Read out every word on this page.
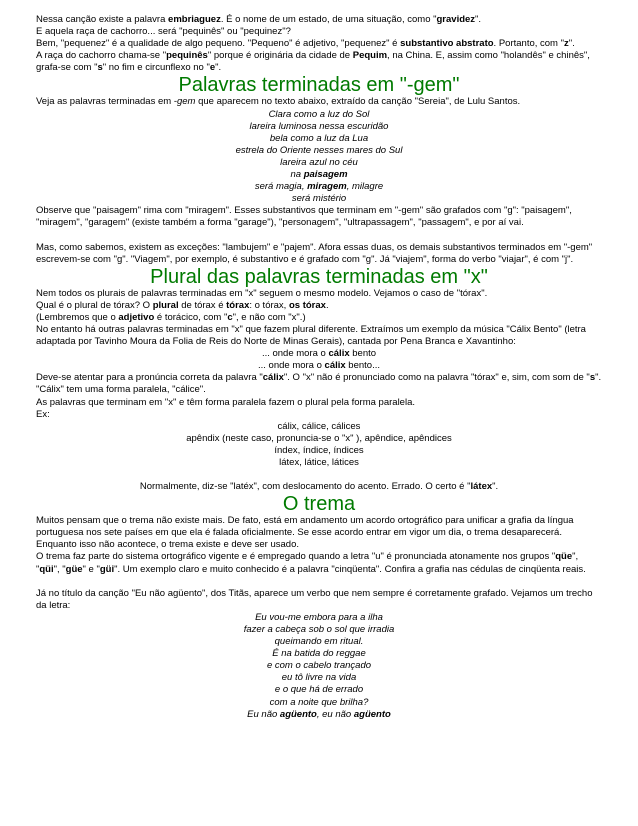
Nessa canção existe a palavra embriaguez. É o nome de um estado, de uma situação, como "gravidez".

E aquela raça de cachorro... será "pequinês" ou "pequinez"?

Bem, "pequenez" é a qualidade de algo pequeno. "Pequeno" é adjetivo, "pequenez" é substantivo abstrato. Portanto, com "z".

A raça do cachorro chama-se "pequinês" porque é originária da cidade de Pequim, na China. E, assim como "holandês" e chinês", grafa-se com "s" no fim e circunflexo no "e".

Palavras terminadas em "-gem"

Veja as palavras terminadas em -gem que aparecem no texto abaixo, extraído da canção "Sereia", de Lulu Santos.

Clara como a luz do Sol

lareira luminosa nessa escuridão

bela como a luz da Lua

estrela do Oriente nesses mares do Sul

lareira azul no céu

na paisagem

será magia, miragem, milagre

será mistério

Observe que "paisagem" rima com "miragem". Esses substantivos que terminam em "-gem" são grafados com "g": "paisagem", "miragem", "garagem" (existe também a forma "garage"), "personagem", "ultrapassagem", "passagem", e por aí vai.

Mas, como sabemos, existem as exceções: "lambujem" e "pajem". Afora essas duas, os demais substantivos terminados em "-gem" escrevem-se com "g". "Viagem", por exemplo, é substantivo e é grafado com "g". Já "viajem", forma do verbo "viajar", é com "j".

Plural das palavras terminadas em "x"

Nem todos os plurais de palavras terminadas em "x" seguem o mesmo modelo. Vejamos o caso de "tórax".

Qual é o plural de tórax? O plural de tórax é tórax: o tórax, os tórax.

(Lembremos que o adjetivo é torácico, com "c", e não com "x".)

No entanto há outras palavras terminadas em "x" que fazem plural diferente. Extraímos um exemplo da música "Cálix Bento" (letra adaptada por Tavinho Moura da Folia de Reis do Norte de Minas Gerais), cantada por Pena Branca e Xavantinho:

... onde mora o cálix bento

... onde mora o cálix bento...

Deve-se atentar para a pronúncia correta da palavra "cálix". O "x" não é pronunciado como na palavra "tórax" e, sim, com som de "s". "Cálix" tem uma forma paralela, "cálice".

As palavras que terminam em "x" e têm forma paralela fazem o plural pela forma paralela.

Ex:

cálix, cálice, cálices

apêndix (neste caso, pronuncia-se o "x" ), apêndice, apêndices

índex, índice, índices

látex, látice, látices

Normalmente, diz-se "latéx", com deslocamento do acento. Errado. O certo é "látex".

O trema

Muitos pensam que o trema não existe mais. De fato, está em andamento um acordo ortográfico para unificar a grafia da língua portuguesa nos sete países em que ela é falada oficialmente. Se esse acordo entrar em vigor um dia, o trema desaparecerá. Enquanto isso não acontece, o trema existe e deve ser usado.

O trema faz parte do sistema ortográfico vigente e é empregado quando a letra "u" é pronunciada atonamente nos grupos "qüe", "qüi", "güe" e "güi". Um exemplo claro e muito conhecido é a palavra "cinqüenta". Confira a grafia nas cédulas de cinqüenta reais.

Já no título da canção "Eu não agüento", dos Titãs, aparece um verbo que nem sempre é corretamente grafado. Vejamos um trecho da letra:

Eu vou-me embora para a ilha

fazer a cabeça sob o sol que irradia

queimando em ritual.

É na batida do reggae

e com o cabelo trançado

eu tô livre na vida

e o que há de errado

com a noite que brilha?

Eu não agüento, eu não agüento
